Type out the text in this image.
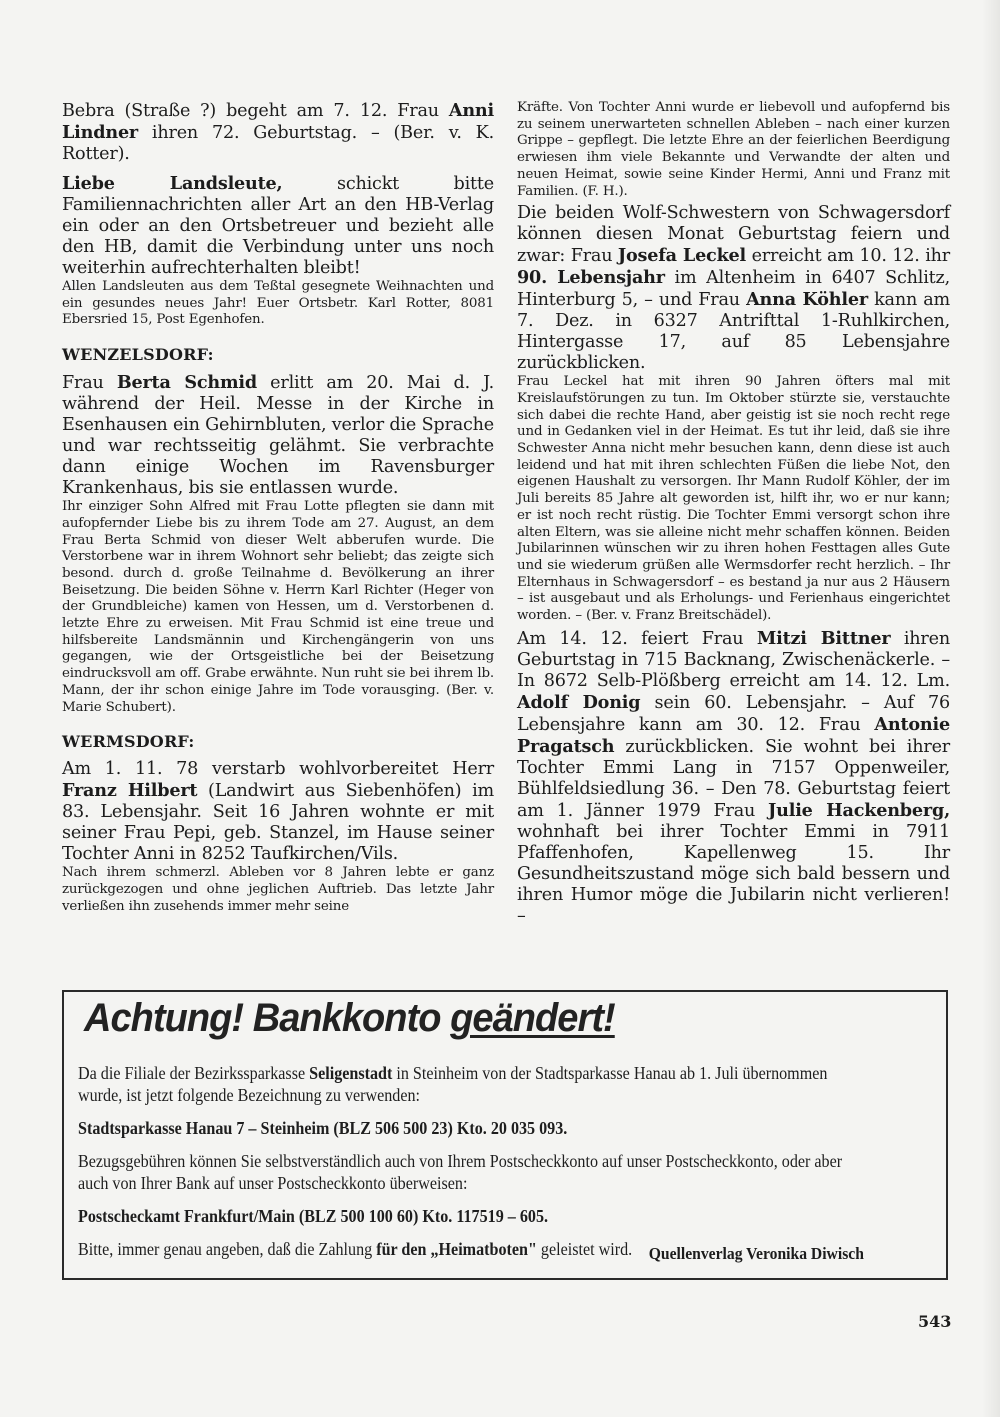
Bebra (Straße ?) begeht am 7. 12. Frau Anni Lindner ihren 72. Geburtstag. – (Ber. v. K. Rotter).

Liebe Landsleute, schickt bitte Familiennachrichten aller Art an den HB-Verlag ein oder an den Ortsbetreuer und bezieht alle den HB, damit die Verbindung unter uns noch weiterhin aufrechterhalten bleibt!

Allen Landsleuten aus dem Teßtal gesegnete Weihnachten und ein gesundes neues Jahr! Euer Ortsbetr. Karl Rotter, 8081 Ebersried 15, Post Egenhofen.

WENZELSDORF:

Frau Berta Schmid erlitt am 20. Mai d. J. während der Heil. Messe in der Kirche in Esenhausen ein Gehirnbluten, verlor die Sprache und war rechtsseitig gelähmt. Sie verbrachte dann einige Wochen im Ravensburger Krankenhaus, bis sie entlassen wurde.

Ihr einziger Sohn Alfred mit Frau Lotte pflegten sie dann mit aufopfernder Liebe bis zu ihrem Tode am 27. August, an dem Frau Berta Schmid von dieser Welt abberufen wurde. Die Verstorbene war in ihrem Wohnort sehr beliebt; das zeigte sich besond. durch d. große Teilnahme d. Bevölkerung an ihrer Beisetzung. Die beiden Söhne v. Herrn Karl Richter (Heger von der Grundbleiche) kamen von Hessen, um d. Verstorbenen d. letzte Ehre zu erweisen. Mit Frau Schmid ist eine treue und hilfsbereite Landsmännin und Kirchengängerin von uns gegangen, wie der Ortsgeistliche bei der Beisetzung eindrucksvoll am off. Grabe erwähnte. Nun ruht sie bei ihrem lb. Mann, der ihr schon einige Jahre im Tode vorausging. (Ber. v. Marie Schubert).

WERMSDORF:

Am 1. 11. 78 verstarb wohlvorbereitet Herr Franz Hilbert (Landwirt aus Siebenhöfen) im 83. Lebensjahr. Seit 16 Jahren wohnte er mit seiner Frau Pepi, geb. Stanzel, im Hause seiner Tochter Anni in 8252 Taufkirchen/Vils.

Nach ihrem schmerzl. Ableben vor 8 Jahren lebte er ganz zurückgezogen und ohne jeglichen Auftrieb. Das letzte Jahr verließen ihn zusehends immer mehr seine

Kräfte. Von Tochter Anni wurde er liebevoll und aufopfernd bis zu seinem unerwarteten schnellen Ableben – nach einer kurzen Grippe – gepflegt. Die letzte Ehre an der feierlichen Beerdigung erwiesen ihm viele Bekannte und Verwandte der alten und neuen Heimat, sowie seine Kinder Hermi, Anni und Franz mit Familien. (F. H.).

Die beiden Wolf-Schwestern von Schwagersdorf können diesen Monat Geburtstag feiern und zwar: Frau Josefa Leckel erreicht am 10. 12. ihr 90. Lebensjahr im Altenheim in 6407 Schlitz, Hinterburg 5, – und Frau Anna Köhler kann am 7. Dez. in 6327 Antrifttal 1-Ruhlkirchen, Hintergasse 17, auf 85 Lebensjahre zurückblicken.

Frau Leckel hat mit ihren 90 Jahren öfters mal mit Kreislaufstörungen zu tun. Im Oktober stürzte sie, verstauchte sich dabei die rechte Hand, aber geistig ist sie noch recht rege und in Gedanken viel in der Heimat. Es tut ihr leid, daß sie ihre Schwester Anna nicht mehr besuchen kann, denn diese ist auch leidend und hat mit ihren schlechten Füßen die liebe Not, den eigenen Haushalt zu versorgen. Ihr Mann Rudolf Köhler, der im Juli bereits 85 Jahre alt geworden ist, hilft ihr, wo er nur kann; er ist noch recht rüstig. Die Tochter Emmi versorgt schon ihre alten Eltern, was sie alleine nicht mehr schaffen können. Beiden Jubilarinnen wünschen wir zu ihren hohen Festtagen alles Gute und sie wiederum grüßen alle Wermsdorfer recht herzlich. – Ihr Elternhaus in Schwagersdorf – es bestand ja nur aus 2 Häusern – ist ausgebaut und als Erholungs- und Ferienhaus eingerichtet worden. – (Ber. v. Franz Breitschädel).

Am 14. 12. feiert Frau Mitzi Bittner ihren Geburtstag in 715 Backnang, Zwischenäckerle. – In 8672 Selb-Plößberg erreicht am 14. 12. Lm. Adolf Donig sein 60. Lebensjahr. – Auf 76 Lebensjahre kann am 30. 12. Frau Antonie Pragatsch zurückblicken. Sie wohnt bei ihrer Tochter Emmi Lang in 7157 Oppenweiler, Bühlfeldsiedlung 36. – Den 78. Geburtstag feiert am 1. Jänner 1979 Frau Julie Hackenberg, wohnhaft bei ihrer Tochter Emmi in 7911 Pfaffenhofen, Kapellenweg 15. Ihr Gesundheitszustand möge sich bald bessern und ihren Humor möge die Jubilarin nicht verlieren! –

Achtung! Bankkonto geändert!

Da die Filiale der Bezirkssparkasse Seligenstadt in Steinheim von der Stadtsparkasse Hanau ab 1. Juli übernommen wurde, ist jetzt folgende Bezeichnung zu verwenden:

Stadtsparkasse Hanau 7 – Steinheim (BLZ 506 500 23) Kto. 20 035 093.

Bezugsgebühren können Sie selbstverständlich auch von Ihrem Postscheckkonto auf unser Postscheckkonto, oder aber auch von Ihrer Bank auf unser Postscheckkonto überweisen:

Postscheckamt Frankfurt/Main (BLZ 500 100 60) Kto. 117519 – 605.

Bitte, immer genau angeben, daß die Zahlung für den „Heimatboten" geleistet wird. Quellenverlag Veronika Diwisch
543
